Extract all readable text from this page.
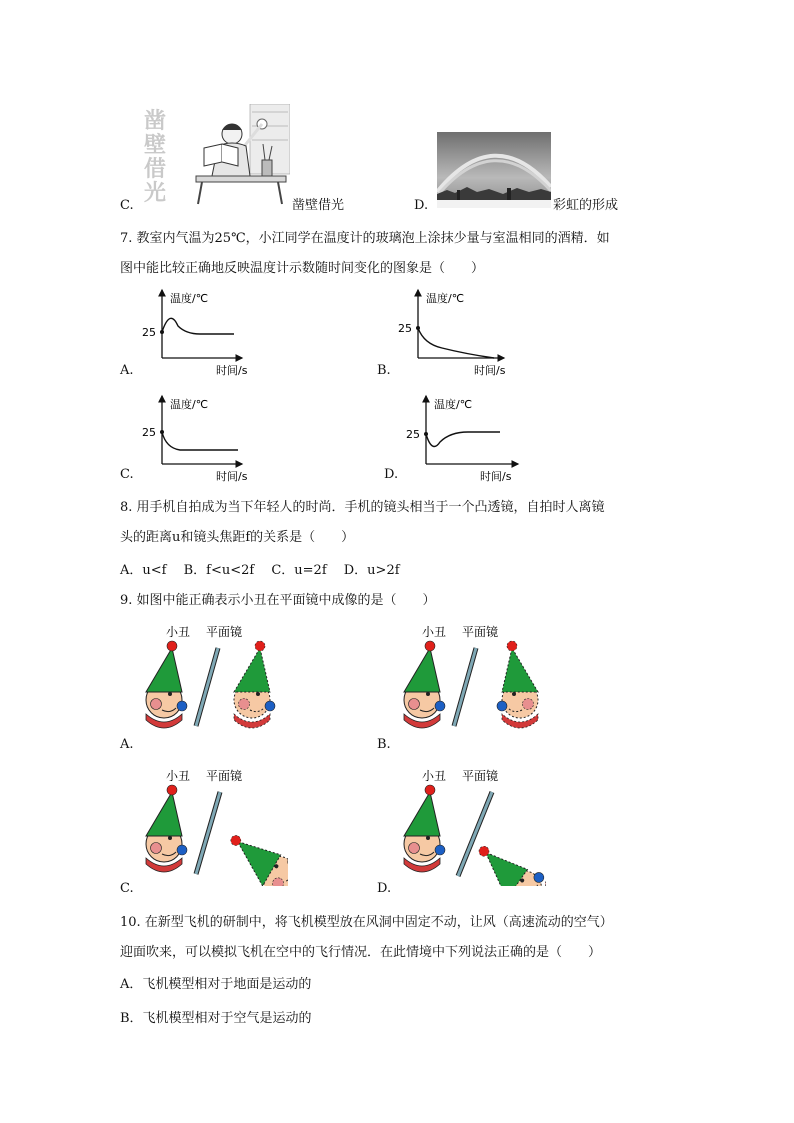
凿
壁
借
光
C.	凿壁借光	D.	彩虹的形成
7. 教室内气温为25℃，小江同学在温度计的玻璃泡上涂抹少量与室温相同的酒精．如
图中能比较正确地反映温度计示数随时间变化的图象是（　　）
25
温度/℃
时间/s
A.
25
温度/℃
时间/s
B.
25
温度/℃
时间/s
C.
25
温度/℃
时间/s
D.
8. 用手机自拍成为当下年轻人的时尚．手机的镜头相当于一个凸透镜，自拍时人离镜
头的距离u和镜头焦距f的关系是（　　）
A．u<f　 B．f<u<2f　 C．u=2f　 D．u>2f
9. 如图中能正确表示小丑在平面镜中成像的是（　　）
小丑 平面镜
A.
小丑 平面镜
B.
小丑 平面镜
C.
小丑 平面镜
D.
10. 在新型飞机的研制中，将飞机模型放在风洞中固定不动，让风（高速流动的空气）
迎面吹来，可以模拟飞机在空中的飞行情况．在此情境中下列说法正确的是（　　）
A．飞机模型相对于地面是运动的
B．飞机模型相对于空气是运动的
